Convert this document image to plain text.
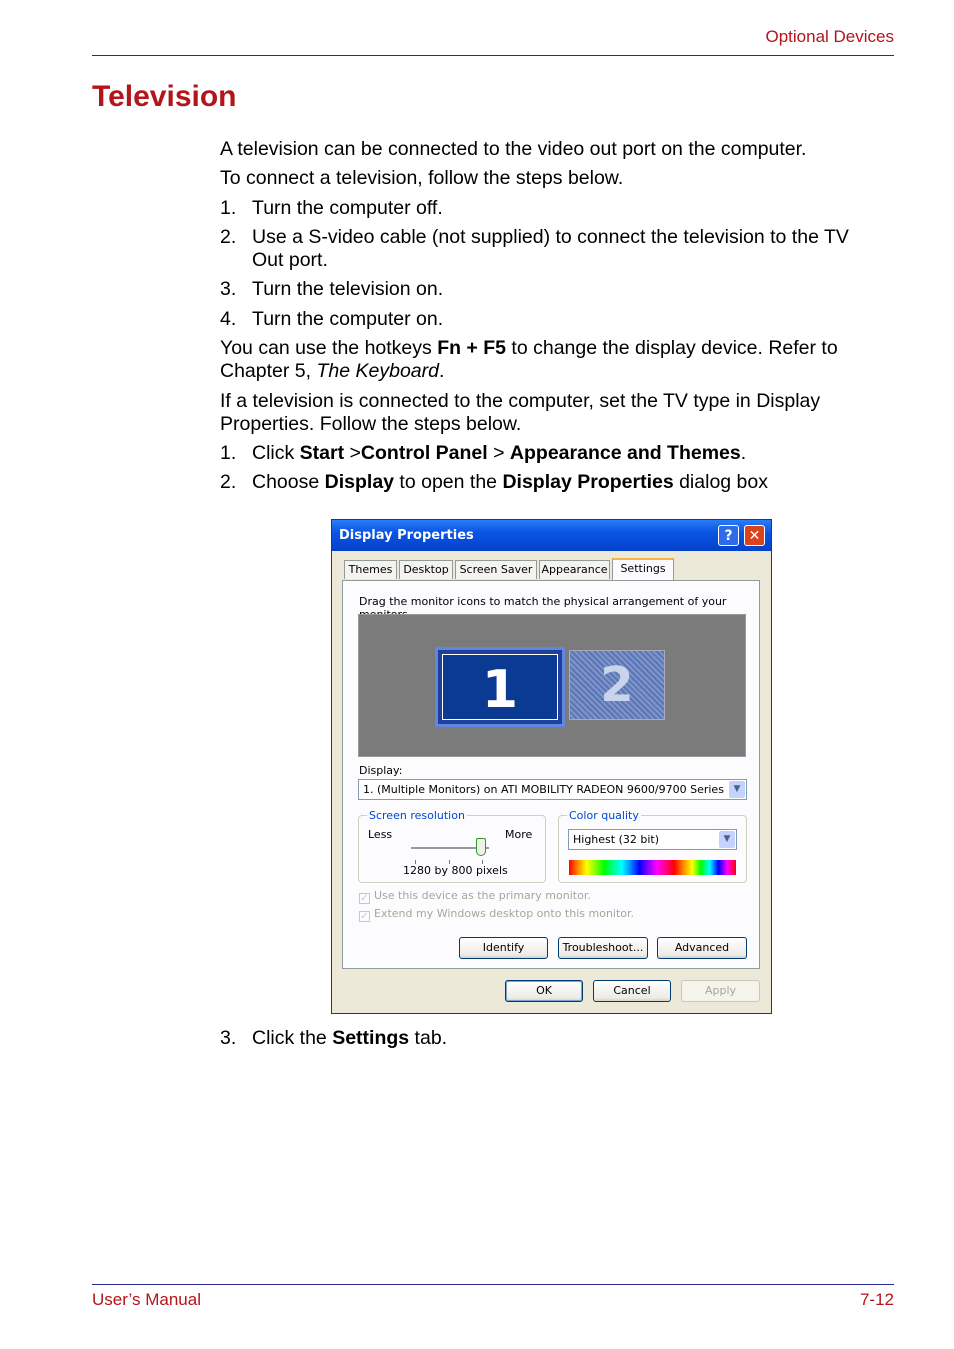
Optional Devices
Television
A television can be connected to the video out port on the computer.
To connect a television, follow the steps below.
1. Turn the computer off.
2. Use a S-video cable (not supplied) to connect the television to the TV Out port.
3. Turn the television on.
4. Turn the computer on.
You can use the hotkeys Fn + F5 to change the display device. Refer to Chapter 5, The Keyboard.
If a television is connected to the computer, set the TV type in Display Properties. Follow the steps below.
1. Click Start >Control Panel > Appearance and Themes.
2. Choose Display to open the Display Properties dialog box
3. Click the Settings tab.
Display Properties	?	✕
Themes Desktop Screen Saver Appearance	Settings
Drag the monitor icons to match the physical arrangement of your
1	2
Display:
1. (Multiple Monitors) on ATI MOBILITY RADEON 9600/9700 Series	▼
Screen resolution
Less	More
1280 by 800 pixels
Color quality
Highest (32 bit)	▼
✓ Use this device as the primary monitor.
✓ Extend my Windows desktop onto this monitor.
Identify	Troubleshoot...	Advanced
OK	Cancel	Apply
User’s Manual	7-12
